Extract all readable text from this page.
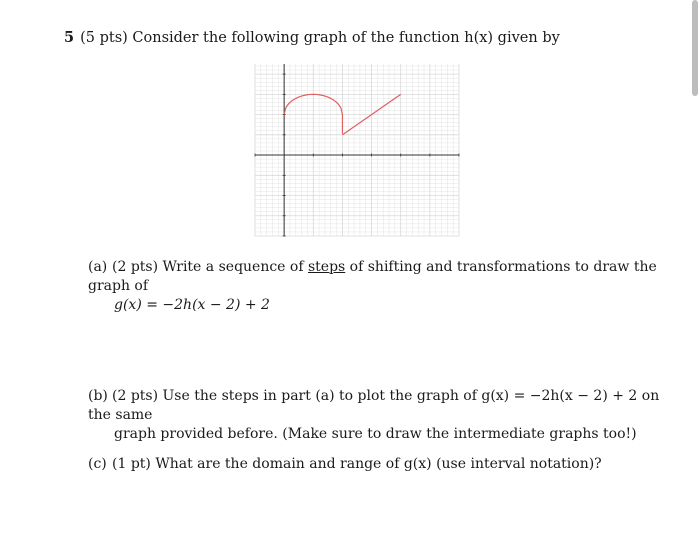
5 (5 pts) Consider the following graph of the function h(x) given by
(a) (2 pts) Write a sequence of steps of shifting and transformations to draw the graph of
g(x) = −2h(x − 2) + 2
(b) (2 pts) Use the steps in part (a) to plot the graph of g(x) = −2h(x − 2) + 2 on the same
graph provided before. (Make sure to draw the intermediate graphs too!)
(c) (1 pt) What are the domain and range of g(x) (use interval notation)?
